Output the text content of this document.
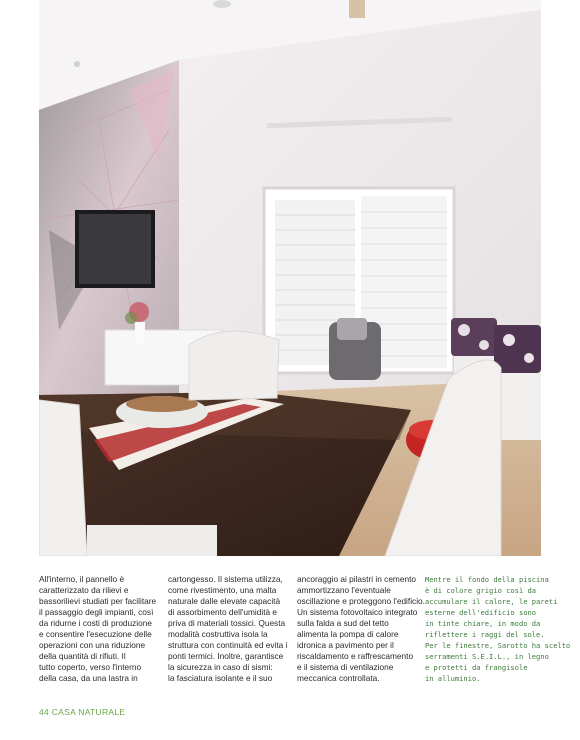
All'interno, il pannello è
caratterizzato da rilievi e
bassorilievi studiati per facilitare
il passaggio degli impianti, così
da ridurne i costi di produzione
e consentire l'esecuzione delle
operazioni con una riduzione
della quantità di rifiuti. Il
tutto coperto, verso l'interno
della casa, da una lastra in
cartongesso. Il sistema utilizza,
come rivestimento, una malta
naturale dalle elevate capacità
di assorbimento dell'umidità e
priva di materiali tossici. Questa
modalità costruttiva isola la
struttura con continuità ed evita i
ponti termici. Inoltre, garantisce
la sicurezza in caso di sismi:
la fasciatura isolante e il suo
ancoraggio ai pilastri in cemento
ammortizzano l'eventuale
oscillazione e proteggono l'edificio.
Un sistema fotovoltaico integrato
sulla falda a sud del tetto
alimenta la pompa di calore
idronica a pavimento per il
riscaldamento e raffrescamento
e il sistema di ventilazione
meccanica controllata.
Mentre il fondo della piscina
è di colore grigio così da
accumulare il calore, le pareti
esterne dell'edificio sono
in tinte chiare, in modo da
riflettere i raggi del sole.
Per le finestre, Sarotto ha scelto
serramenti S.E.I.L., in legno
e protetti da frangisole
in alluminio.
44 CASA NATURALE
